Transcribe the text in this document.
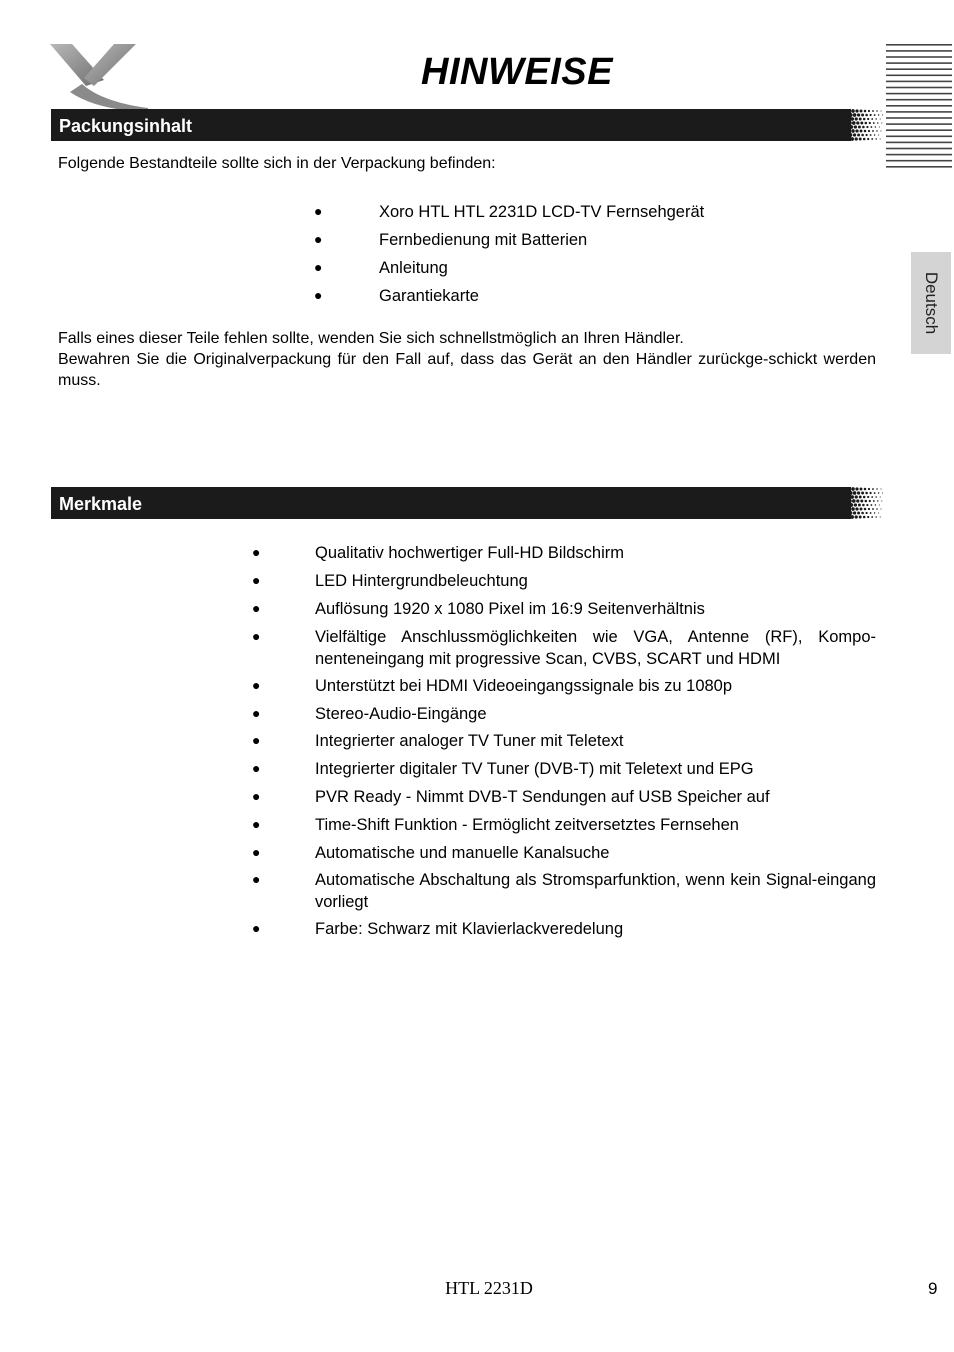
HINWEISE
Deutsch
Packungsinhalt
Folgende Bestandteile sollte sich in der Verpackung befinden:
●	Xoro HTL HTL 2231D LCD-TV Fernsehgerät
●	Fernbedienung mit Batterien
●	Anleitung
●	Garantiekarte
Falls eines dieser Teile fehlen sollte, wenden Sie sich schnellstmöglich an Ihren Händler.
Bewahren Sie die Originalverpackung für den Fall auf, dass das Gerät an den Händler zurückge-schickt werden muss.
Merkmale
●	Qualitativ hochwertiger Full-HD Bildschirm
●	LED Hintergrundbeleuchtung
●	Auflösung 1920 x 1080 Pixel im 16:9 Seitenverhältnis
●	Vielfältige Anschlussmöglichkeiten wie VGA, Antenne (RF), Kompo-nenteneingang mit progressive Scan, CVBS, SCART und HDMI
●	Unterstützt bei HDMI Videoeingangssignale bis zu 1080p
●	Stereo-Audio-Eingänge
●	Integrierter analoger TV Tuner mit Teletext
●	Integrierter digitaler TV Tuner (DVB-T) mit Teletext und EPG
●	PVR Ready - Nimmt DVB-T Sendungen auf USB Speicher auf
●	Time-Shift Funktion - Ermöglicht zeitversetztes Fernsehen
●	Automatische und manuelle Kanalsuche
●	Automatische Abschaltung als Stromsparfunktion, wenn kein Signal-eingang vorliegt
●	Farbe: Schwarz mit Klavierlackveredelung
HTL 2231D	9
